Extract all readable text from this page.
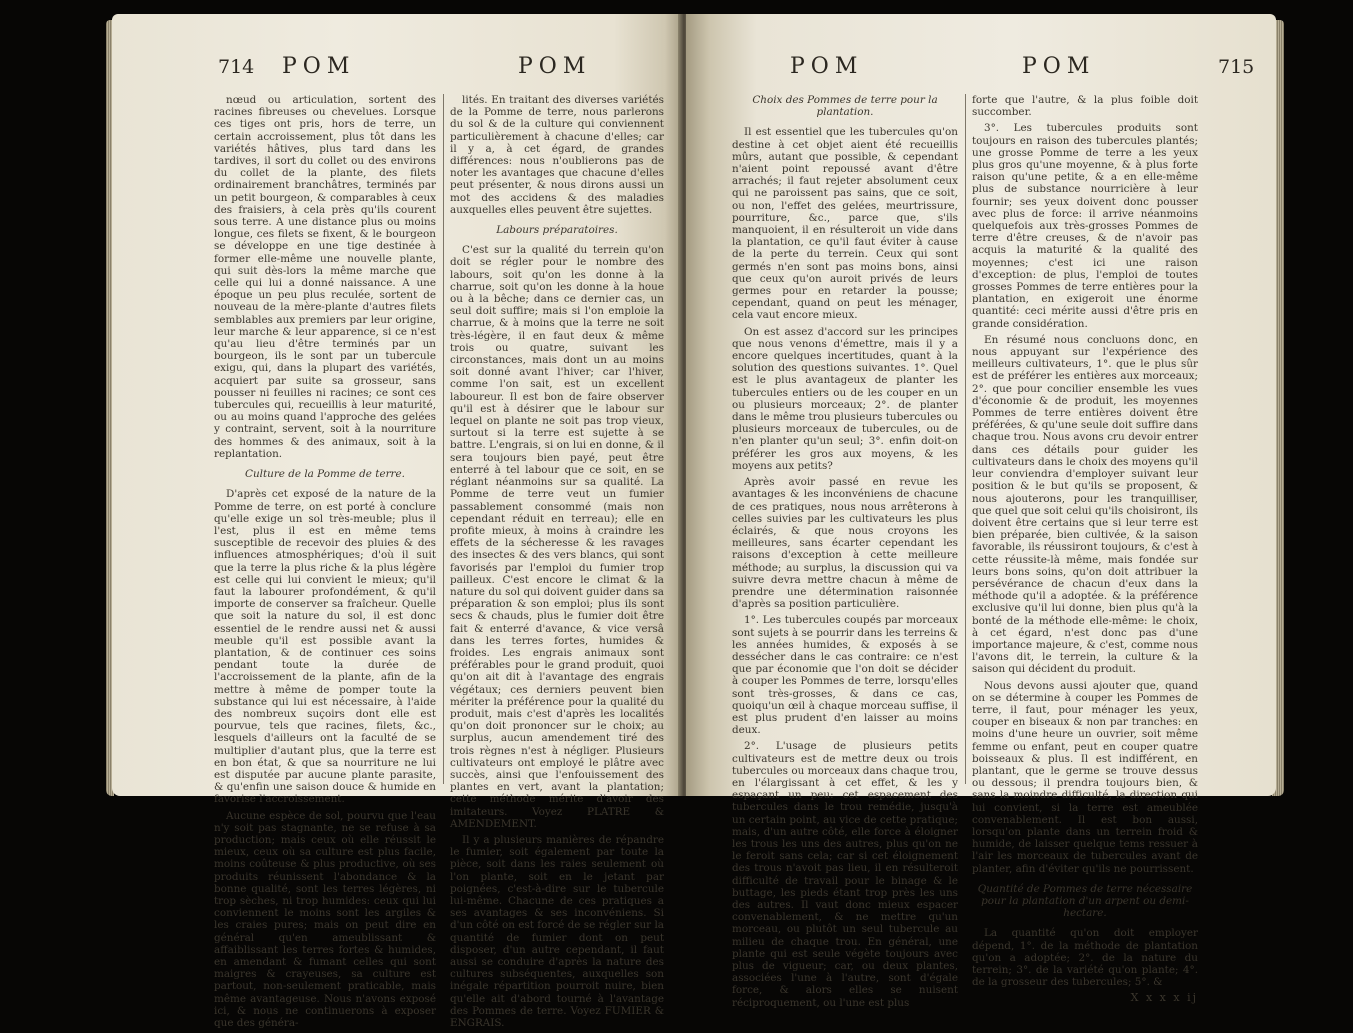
714 POM	POM

nœud ou articulation, sortent des racines fibreuses ou chevelues. Lorsque ces tiges ont pris, hors de terre, un certain accroissement, plus tôt dans les variétés hâtives, plus tard dans les tardives, il sort du collet ou des environs du collet de la plante, des filets ordinairement branchâtres, terminés par un petit bourgeon, & comparables à ceux des fraisiers, à cela près qu'ils courent sous terre. A une distance plus ou moins longue, ces filets se fixent, & le bourgeon se développe en une tige destinée à former elle-même une nouvelle plante, qui suit dès-lors la même marche que celle qui lui a donné naissance. A une époque un peu plus reculée, sortent de nouveau de la mère-plante d'autres filets semblables aux premiers par leur origine, leur marche & leur apparence, si ce n'est qu'au lieu d'être terminés par un bourgeon, ils le sont par un tubercule exigu, qui, dans la plupart des variétés, acquiert par suite sa grosseur, sans pousser ni feuilles ni racines; ce sont ces tubercules qui, recueillis à leur maturité, ou au moins quand l'approche des gelées y contraint, servent, soit à la nourriture des hommes & des animaux, soit à la replantation.

Culture de la Pomme de terre.

D'après cet exposé de la nature de la Pomme de terre, on est porté à conclure qu'elle exige un sol très-meuble; plus il l'est, plus il est en même tems susceptible de recevoir des pluies & des influences atmosphériques; d'où il suit que la terre la plus riche & la plus légère est celle qui lui convient le mieux; qu'il faut la labourer profondément, & qu'il importe de conserver sa fraîcheur. Quelle que soit la nature du sol, il est donc essentiel de le rendre aussi net & aussi meuble qu'il est possible avant la plantation, & de continuer ces soins pendant toute la durée de l'accroissement de la plante, afin de la mettre à même de pomper toute la substance qui lui est nécessaire, à l'aide des nombreux suçoirs dont elle est pourvue, tels que racines, filets, &c., lesquels d'ailleurs ont la faculté de se multiplier d'autant plus, que la terre est en bon état, & que sa nourriture ne lui est disputée par aucune plante parasite, & qu'enfin une saison douce & humide en favorise l'accroissement.

Aucune espèce de sol, pourvu que l'eau n'y soit pas stagnante, ne se refuse à sa production; mais ceux où elle réussit le mieux, ceux où sa culture est plus facile, moins coûteuse & plus productive, où ses produits réunissent l'abondance & la bonne qualité, sont les terres légères, ni trop sèches, ni trop humides: ceux qui lui conviennent le moins sont les argiles & les craies pures; mais on peut dire en général qu'en ameublissant & affaiblissant les terres fortes & humides, en amendant & fumant celles qui sont maigres & crayeuses, sa culture est partout, non-seulement praticable, mais même avantageuse. Nous n'avons exposé ici, & nous ne continuerons à exposer que des généra-

lités. En traitant des diverses variétés de la Pomme de terre, nous parlerons du sol & de la culture qui conviennent particulièrement à chacune d'elles; car il y a, à cet égard, de grandes différences: nous n'oublierons pas de noter les avantages que chacune d'elles peut présenter, & nous dirons aussi un mot des accidens & des maladies auxquelles elles peuvent être sujettes.

Labours préparatoires.

C'est sur la qualité du terrein qu'on doit se régler pour le nombre des labours, soit qu'on les donne à la charrue, soit qu'on les donne à la houe ou à la bêche; dans ce dernier cas, un seul doit suffire; mais si l'on emploie la charrue, & à moins que la terre ne soit très-légère, il en faut deux & même trois ou quatre, suivant les circonstances, mais dont un au moins soit donné avant l'hiver; car l'hiver, comme l'on sait, est un excellent laboureur. Il est bon de faire observer qu'il est à désirer que le labour sur lequel on plante ne soit pas trop vieux, surtout si la terre est sujette à se battre. L'engrais, si on lui en donne, & il sera toujours bien payé, peut être enterré à tel labour que ce soit, en se réglant néanmoins sur sa qualité. La Pomme de terre veut un fumier passablement consommé (mais non cependant réduit en terreau); elle en profite mieux, à moins à craindre les effets de la sécheresse & les ravages des insectes & des vers blancs, qui sont favorisés par l'emploi du fumier trop pailleux. C'est encore le climat & la nature du sol qui doivent guider dans sa préparation & son emploi; plus ils sont secs & chauds, plus le fumier doit être fait & enterré d'avance, & vice versâ dans les terres fortes, humides & froides. Les engrais animaux sont préférables pour le grand produit, quoi qu'on ait dit à l'avantage des engrais végétaux; ces derniers peuvent bien mériter la préférence pour la qualité du produit, mais c'est d'après les localités qu'on doit prononcer sur le choix; au surplus, aucun amendement tiré des trois règnes n'est à négliger. Plusieurs cultivateurs ont employé le plâtre avec succès, ainsi que l'enfouissement des plantes en vert, avant la plantation; cette méthode mérite d'avoir des imitateurs. Voyez PLATRE & AMENDEMENT.

Il y a plusieurs manières de répandre le fumier, soit également par toute la pièce, soit dans les raies seulement où l'on plante, soit en le jetant par poignées, c'est-à-dire sur le tubercule lui-même. Chacune de ces pratiques a ses avantages & ses inconvéniens. Si d'un côté on est forcé de se régler sur la quantité de fumier dont on peut disposer, d'un autre cependant, il faut aussi se conduire d'après la nature des cultures subséquentes, auxquelles son inégale répartition pourroit nuire, bien qu'elle ait d'abord tourné à l'avantage des Pommes de terre. Voyez FUMIER & ENGRAIS.

POM	POM	715
Choix des Pommes de terre pour la plantation.

Il est essentiel que les tubercules qu'on destine à cet objet aient été recueillis mûrs, autant que possible, & cependant n'aient point repoussé avant d'être arrachés; il faut rejeter absolument ceux qui ne paroissent pas sains, que ce soit, ou non, l'effet des gelées, meurtrissure, pourriture, &c., parce que, s'ils manquoient, il en résulteroit un vide dans la plantation, ce qu'il faut éviter à cause de la perte du terrein. Ceux qui sont germés n'en sont pas moins bons, ainsi que ceux qu'on auroit privés de leurs germes pour en retarder la pousse; cependant, quand on peut les ménager, cela vaut encore mieux.

On est assez d'accord sur les principes que nous venons d'émettre, mais il y a encore quelques incertitudes, quant à la solution des questions suivantes. 1°. Quel est le plus avantageux de planter les tubercules entiers ou de les couper en un ou plusieurs morceaux; 2°. de planter dans le même trou plusieurs tubercules ou plusieurs morceaux de tubercules, ou de n'en planter qu'un seul; 3°. enfin doit-on préférer les gros aux moyens, & les moyens aux petits?

Après avoir passé en revue les avantages & les inconvéniens de chacune de ces pratiques, nous nous arrêterons à celles suivies par les cultivateurs les plus éclairés, & que nous croyons les meilleures, sans écarter cependant les raisons d'exception à cette meilleure méthode; au surplus, la discussion qui va suivre devra mettre chacun à même de prendre une détermination raisonnée d'après sa position particulière.

1°. Les tubercules coupés par morceaux sont sujets à se pourrir dans les terreins & les années humides, & exposés à se dessécher dans le cas contraire: ce n'est que par économie que l'on doit se décider à couper les Pommes de terre, lorsqu'elles sont très-grosses, & dans ce cas, quoiqu'un œil à chaque morceau suffise, il est plus prudent d'en laisser au moins deux.

2°. L'usage de plusieurs petits cultivateurs est de mettre deux ou trois tubercules ou morceaux dans chaque trou, en l'élargissant à cet effet, & les y espaçant un peu: cet espacement des tubercules dans le trou remédie, jusqu'à un certain point, au vice de cette pratique; mais, d'un autre côté, elle force à éloigner les trous les uns des autres, plus qu'on ne le feroit sans cela; car si cet éloignement des trous n'avoit pas lieu, il en résulteroit difficulté de travail pour le binage & le buttage, les pieds étant trop près les uns des autres. Il vaut donc mieux espacer convenablement, & ne mettre qu'un morceau, ou plutôt un seul tubercule au milieu de chaque trou. En général, une plante qui est seule végète toujours avec plus de vigueur; car, ou deux plantes, associées l'une à l'autre, sont d'égale force, & alors elles se nuisent réciproquement, ou l'une est plus

forte que l'autre, & la plus foible doit succomber.

3°. Les tubercules produits sont toujours en raison des tubercules plantés; une grosse Pomme de terre a les yeux plus gros qu'une moyenne, & à plus forte raison qu'une petite, & a en elle-même plus de substance nourricière à leur fournir; ses yeux doivent donc pousser avec plus de force: il arrive néanmoins quelquefois aux très-grosses Pommes de terre d'être creuses, & de n'avoir pas acquis la maturité & la qualité des moyennes; c'est ici une raison d'exception: de plus, l'emploi de toutes grosses Pommes de terre entières pour la plantation, en exigeroit une énorme quantité: ceci mérite aussi d'être pris en grande considération.

En résumé nous concluons donc, en nous appuyant sur l'expérience des meilleurs cultivateurs, 1°. que le plus sûr est de préférer les entières aux morceaux; 2°. que pour concilier ensemble les vues d'économie & de produit, les moyennes Pommes de terre entières doivent être préférées, & qu'une seule doit suffire dans chaque trou. Nous avons cru devoir entrer dans ces détails pour guider les cultivateurs dans le choix des moyens qu'il leur conviendra d'employer suivant leur position & le but qu'ils se proposent, & nous ajouterons, pour les tranquilliser, que quel que soit celui qu'ils choisiront, ils doivent être certains que si leur terre est bien préparée, bien cultivée, & la saison favorable, ils réussiront toujours, & c'est à cette réussite-là même, mais fondée sur leurs bons soins, qu'on doit attribuer la persévérance de chacun d'eux dans la méthode qu'il a adoptée. & la préférence exclusive qu'il lui donne, bien plus qu'à la bonté de la méthode elle-même: le choix, à cet égard, n'est donc pas d'une importance majeure, & c'est, comme nous l'avons dit, le terrein, la culture & la saison qui décident du produit.

Nous devons aussi ajouter que, quand on se détermine à couper les Pommes de terre, il faut, pour ménager les yeux, couper en biseaux & non par tranches: en moins d'une heure un ouvrier, soit même femme ou enfant, peut en couper quatre boisseaux & plus. Il est indifférent, en plantant, que le germe se trouve dessus ou dessous; il prendra toujours bien, & sans la moindre difficulté, la direction qui lui convient, si la terre est ameublée convenablement. Il est bon aussi, lorsqu'on plante dans un terrein froid & humide, de laisser quelque tems ressuer à l'air les morceaux de tubercules avant de planter, afin d'éviter qu'ils ne pourrissent.

Quantité de Pommes de terre nécessaire pour la plantation d'un arpent ou demi-hectare.

La quantité qu'on doit employer dépend, 1°. de la méthode de plantation qu'on a adoptée; 2°. de la nature du terrein; 3°. de la variété qu'on plante; 4°. de la grosseur des tubercules; 5°. &

X x x x ij
